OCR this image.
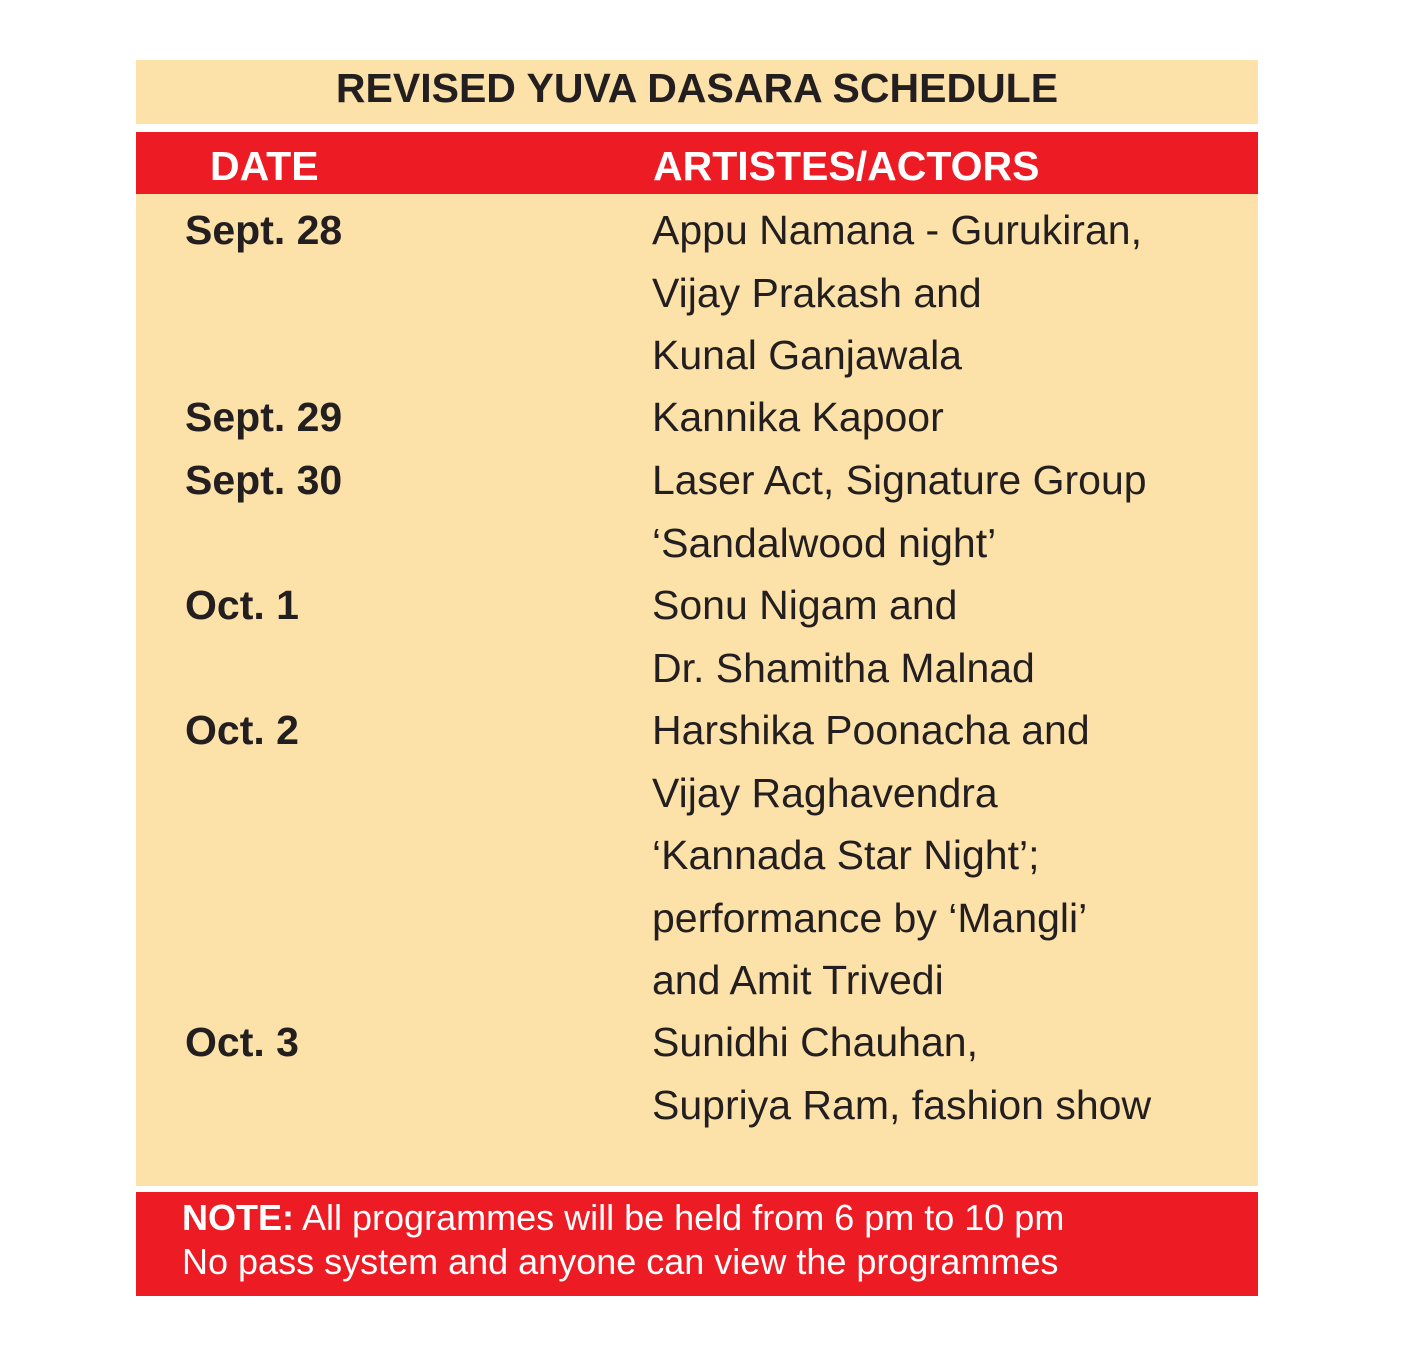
REVISED YUVA DASARA SCHEDULE
DATE	ARTISTES/ACTORS
Sept. 28	Appu Namana - Gurukiran,
Vijay Prakash and
Kunal Ganjawala
Sept. 29	Kannika Kapoor
Sept. 30	Laser Act, Signature Group
‘Sandalwood night’
Oct. 1	Sonu Nigam and
Dr. Shamitha Malnad
Oct. 2	Harshika Poonacha and
Vijay Raghavendra
‘Kannada Star Night’;
performance by ‘Mangli’
and Amit Trivedi
Oct. 3	Sunidhi Chauhan,
Supriya Ram, fashion show
NOTE: All programmes will be held from 6 pm to 10 pm
No pass system and anyone can view the programmes
